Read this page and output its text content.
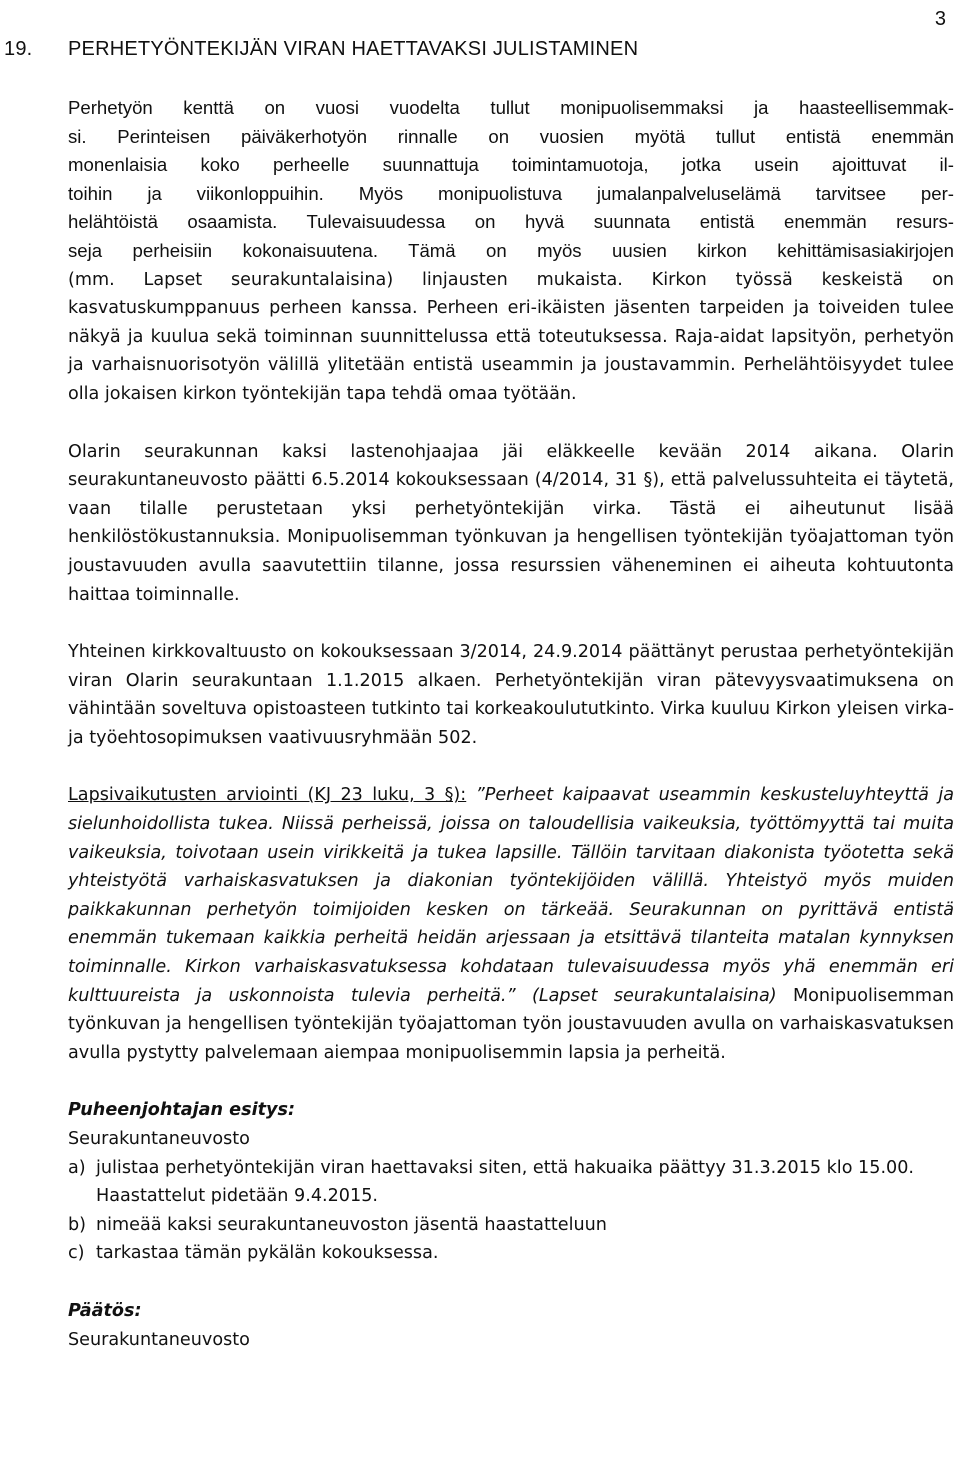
3
19. PERHETYÖNTEKIJÄN VIRAN HAETTAVAKSI JULISTAMINEN

Perhetyön kenttä on vuosi vuodelta tullut monipuolisemmaksi ja haasteellisemmak-
si. Perinteisen päiväkerhotyön rinnalle on vuosien myötä tullut entistä enemmän
monenlaisia koko perheelle suunnattuja toimintamuotoja, jotka usein ajoittuvat il-
toihin ja viikonloppuihin. Myös monipuolistuva jumalanpalveluselämä tarvitsee per-
helähtöistä osaamista. Tulevaisuudessa on hyvä suunnata entistä enemmän resurs-
seja perheisiin kokonaisuutena. Tämä on myös uusien kirkon kehittämisasiakirjojen
(mm. Lapset seurakuntalaisina) linjausten mukaista. Kirkon työssä keskeistä on kasvatuskumppanuus perheen kanssa. Perheen eri-ikäisten jäsenten tarpeiden ja toiveiden tulee näkyä ja kuulua sekä toiminnan suunnittelussa että toteutuksessa. Raja-aidat lapsityön, perhetyön ja varhaisnuorisotyön välillä ylitetään entistä useammin ja joustavammin. Perhelähtöisyydet tulee olla jokaisen kirkon työntekijän tapa tehdä omaa työtään.

Olarin seurakunnan kaksi lastenohjaajaa jäi eläkkeelle kevään 2014 aikana. Olarin seurakuntaneuvosto päätti 6.5.2014 kokouksessaan (4/2014, 31 §), että palvelussuhteita ei täytetä, vaan tilalle perustetaan yksi perhetyöntekijän virka. Tästä ei aiheutunut lisää henkilöstökustannuksia. Monipuolisemman työnkuvan ja hengellisen työntekijän työajattoman työn joustavuuden avulla saavutettiin tilanne, jossa resurssien väheneminen ei aiheuta kohtuutonta haittaa toiminnalle.

Yhteinen kirkkovaltuusto on kokouksessaan 3/2014, 24.9.2014 päättänyt perustaa perhetyöntekijän viran Olarin seurakuntaan 1.1.2015 alkaen. Perhetyöntekijän viran pätevyysvaatimuksena on vähintään soveltuva opistoasteen tutkinto tai korkeakoulututkinto. Virka kuuluu Kirkon yleisen virka- ja työehtosopimuksen vaativuusryhmään 502.

Lapsivaikutusten arviointi (KJ 23 luku, 3 §): ”Perheet kaipaavat useammin keskusteluyhteyttä ja sielunhoidollista tukea. Niissä perheissä, joissa on taloudellisia vaikeuksia, työttömyyttä tai muita vaikeuksia, toivotaan usein virikkeitä ja tukea lapsille. Tällöin tarvitaan diakonista työotetta sekä yhteistyötä varhaiskasvatuksen ja diakonian työntekijöiden välillä. Yhteistyö myös muiden paikkakunnan perhetyön toimijoiden kesken on tärkeää. Seurakunnan on pyrittävä entistä enemmän tukemaan kaikkia perheitä heidän arjessaan ja etsittävä tilanteita matalan kynnyksen toiminnalle. Kirkon varhaiskasvatuksessa kohdataan tulevaisuudessa myös yhä enemmän eri kulttuureista ja uskonnoista tulevia perheitä.” (Lapset seurakuntalaisina) Monipuolisemman työnkuvan ja hengellisen työntekijän työajattoman työn joustavuuden avulla on varhaiskasvatuksen avulla pystytty palvelemaan aiempaa monipuolisemmin lapsia ja perheitä.

Puheenjohtajan esitys:
Seurakuntaneuvosto
a) julistaa perhetyöntekijän viran haettavaksi siten, että hakuaika päättyy 31.3.2015 klo 15.00. Haastattelut pidetään 9.4.2015.
b) nimeää kaksi seurakuntaneuvoston jäsentä haastatteluun
c) tarkastaa tämän pykälän kokouksessa.
Päätös:
Seurakuntaneuvosto
